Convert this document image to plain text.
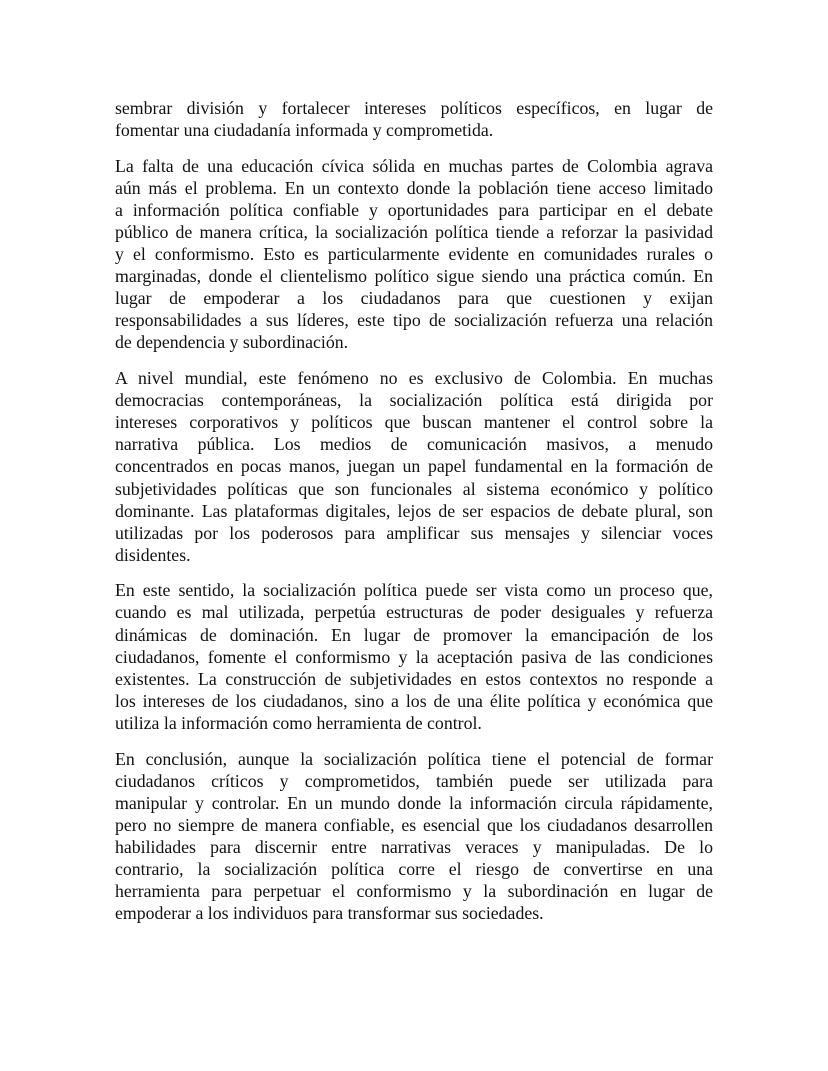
sembrar división y fortalecer intereses políticos específicos, en lugar de
fomentar una ciudadanía informada y comprometida.

La falta de una educación cívica sólida en muchas partes de Colombia agrava
aún más el problema. En un contexto donde la población tiene acceso limitado
a información política confiable y oportunidades para participar en el debate
público de manera crítica, la socialización política tiende a reforzar la pasividad
y el conformismo. Esto es particularmente evidente en comunidades rurales o
marginadas, donde el clientelismo político sigue siendo una práctica común. En
lugar de empoderar a los ciudadanos para que cuestionen y exijan
responsabilidades a sus líderes, este tipo de socialización refuerza una relación
de dependencia y subordinación.

A nivel mundial, este fenómeno no es exclusivo de Colombia. En muchas
democracias contemporáneas, la socialización política está dirigida por
intereses corporativos y políticos que buscan mantener el control sobre la
narrativa pública. Los medios de comunicación masivos, a menudo
concentrados en pocas manos, juegan un papel fundamental en la formación de
subjetividades políticas que son funcionales al sistema económico y político
dominante. Las plataformas digitales, lejos de ser espacios de debate plural, son
utilizadas por los poderosos para amplificar sus mensajes y silenciar voces
disidentes.

En este sentido, la socialización política puede ser vista como un proceso que,
cuando es mal utilizada, perpetúa estructuras de poder desiguales y refuerza
dinámicas de dominación. En lugar de promover la emancipación de los
ciudadanos, fomente el conformismo y la aceptación pasiva de las condiciones
existentes. La construcción de subjetividades en estos contextos no responde a
los intereses de los ciudadanos, sino a los de una élite política y económica que
utiliza la información como herramienta de control.

En conclusión, aunque la socialización política tiene el potencial de formar
ciudadanos críticos y comprometidos, también puede ser utilizada para
manipular y controlar. En un mundo donde la información circula rápidamente,
pero no siempre de manera confiable, es esencial que los ciudadanos desarrollen
habilidades para discernir entre narrativas veraces y manipuladas. De lo
contrario, la socialización política corre el riesgo de convertirse en una
herramienta para perpetuar el conformismo y la subordinación en lugar de
empoderar a los individuos para transformar sus sociedades.
